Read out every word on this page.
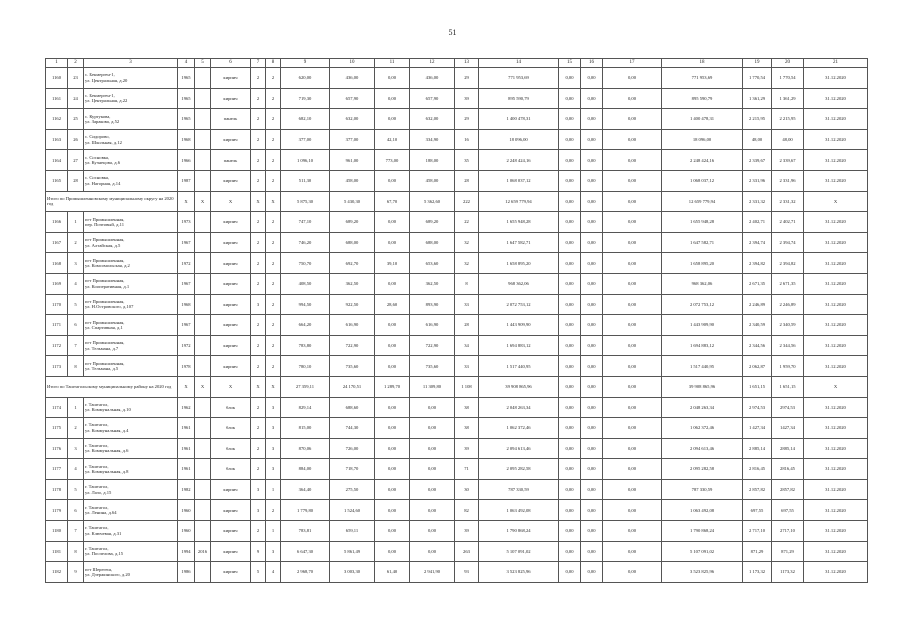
51
1	2	3	4	5	6	7	8	9	10	11	12	13	14	15	16	17	18	19	20	21
1160	23	с. Бекмерген-1,
ул. Центральная, д.20	1965		кирпич	2	2	620,00	436,00	0,00	436,00	29	771 953,69	0,00	0,00	0,00	771 953,69	1 770,54	1 770,54	31.12.2020
1161	24	с. Бекмерген-1,
ул. Центральная, д.22	1965		кирпич	2	2	719,30	657,90	0,00	657,90	39	895 590,79	0,00	0,00	0,00	895 590,79	1 361,29	1 361,29	31.12.2020
1162	25	с. Куртукова,
ул. Заракова, д.52	1965		панель	2	2	682,10	632,00	0,00	632,00	29	1 400 478,31	0,00	0,00	0,00	1 400 478,31	2 215,95	2 215,95	31.12.2020
1163	26	с. Сидорово,
ул. Школьная, д.12	1968		кирпич	2	2	377,00	377,00	42,10	334,90	16	18 096,00	0,00	0,00	0,00	18 096,00	48,00	48,00	31.12.2020
1164	27	с. Сосновка,
ул. Кузнецова, д.6	1966		панель	2	2	1 096,10	961,00	773,00	188,00	35	2 248 424,16	0,00	0,00	0,00	2 248 424,16	2 339,67	2 339,67	31.12.2020
1165	28	с. Сосновка,
ул. Нагорная, д.14	1987		кирпич	2	2	511,30	458,00	0,00	458,00	28	1 068 037,12	0,00	0,00	0,00	1 068 037,12	2 331,96	2 331,96	31.12.2020
Итого по Промышленновскому муниципальному округу на 2020 год			X	X	X	X	X	5 875,30	5 430,30	67,70	5 362,60	222	12 659 779,94	0,00	0,00	0,00	12 659 779,94	2 331,32	2 331,32	X
1166	1	пгт Промышленная,
пер. Почтовый, д.11	1973		кирпич	2	2	747,10	689,20	0,00	689,20	22	1 655 948,28	0,00	0,00	0,00	1 655 948,28	2 402,71	2 402,71	31.12.2020
1167	2	пгт Промышленная,
ул. Алтайская, д.5	1967		кирпич	2	2	746,20	688,00	0,00	688,00	32	1 647 582,71	0,00	0,00	0,00	1 647 582,71	2 394,74	2 394,74	31.12.2020
1168	3	пгт Промышленная,
ул. Комсомольская, д.2	1972		кирпич	2	2	750,70	692,70	39,10	653,60	32	1 658 895,20	0,00	0,00	0,00	1 658 895,20	2 394,82	2 394,82	31.12.2020
1169	4	пгт Промышленная,
ул. Кооперативная, д.1	1967		кирпич	2	2	408,50	362,50	0,00	362,50	8	968 362,06	0,00	0,00	0,00	968 362,06	2 671,35	2 671,35	31.12.2020
1170	5	пгт Промышленная,
ул. Н.Островского, д.107	1968		кирпич	3	2	994,50	922,50	28,60	893,90	33	2 072 753,12	0,00	0,00	0,00	2 072 753,12	2 246,89	2 246,89	31.12.2020
1171	6	пгт Промышленная,
ул. Спартивная, д.1	1967		кирпич	2	2	664,20	616,90	0,00	616,90	28	1 443 909,90	0,00	0,00	0,00	1 443 909,90	2 340,59	2 340,59	31.12.2020
1172	7	пгт Промышленная,
ул. Тельмана, д.7	1972		кирпич	2	2	783,80	722,90	0,00	722,90	34	1 694 883,12	0,00	0,00	0,00	1 694 883,12	2 344,56	2 344,56	31.12.2020
1173	8	пгт Промышленная,
ул. Тельмана, д.5	1978		кирпич	2	2	780,10	735,60	0,00	735,60	33	1 517 440,95	0,00	0,00	0,00	1 517 440,95	2 062,87	1 959,70	31.12.2020
Итого по Таштагольскому муниципальному району на 2020 год			X	X	X	X	X	27 359,11	24 170,51	1 289,70	11 309,80	1 108	39 908 865,96	0,00	0,00	0,00	39 908 865,96	1 651,15	1 651,15	X
1174	1	г. Таштагол,
ул. Коммунальная, д.10	1962		блок	2	3	829,14	688,60	0,00	0,00	38	2 048 263,34	0,00	0,00	0,00	2 048 263,34	2 974,53	2974,53	31.12.2020
1175	2	г. Таштагол,
ул. Коммунальная, д.4	1961		блок	2	3	815,00	744,30	0,00	0,00	38	1 062 372,46	0,00	0,00	0,00	1 062 372,46	1 427,34	1427,34	31.12.2020
1176	3	г. Таштагол,
ул. Коммунальная, д.6	1961		блок	2	3	870,06	726,00	0,00	0,00	39	2 094 613,46	0,00	0,00	0,00	2 094 613,46	2 885,14	2885,14	31.12.2020
1177	4	г. Таштагол,
ул. Коммунальная, д.8	1961		блок	2	3	884,00	718,70	0,00	0,00	71	2 095 282,58	0,00	0,00	0,00	2 095 282,58	2 816,45	2816,45	31.12.2020
1178	5	г. Таштагол,
ул. Лазо, д.15	1982		кирпич	3	1	364,40	275,50	0,00	0,00	30	787 330,59	0,00	0,00	0,00	787 330,59	2 857,82	2857,82	31.12.2020
1179	6	г. Таштагол,
ул. Ленина, д.64	1960		кирпич	3	2	1 779,80	1 524,60	0,00	0,00	82	1 063 492,08	0,00	0,00	0,00	1 063 492,08	697,55	697,55	31.12.2020
1180	7	г. Таштагол,
ул. Ключевая, д.31	1960		кирпич	2	1	783,81	659,11	0,00	0,00	39	1 790 868,24	0,00	0,00	0,00	1 790 868,24	2 717,10	2717,10	31.12.2020
1181	8	г. Таштагол,
ул. Поспелова, д.15	1994	2016	кирпич	9	3	6 647,30	5 861,49	0,00	0,00	263	5 107 091,02	0,00	0,00	0,00	5 107 091,02	871,29	871,29	31.12.2020
1182	9	пгт Шерегеш,
ул. Дзержинского, д.20	1986		кирпич	5	4	2 968,70	3 003,30	61,40	2 941,90	93	3 523 825,96	0,00	0,00	0,00	3 523 825,96	1 173,32	1173,32	31.12.2020
